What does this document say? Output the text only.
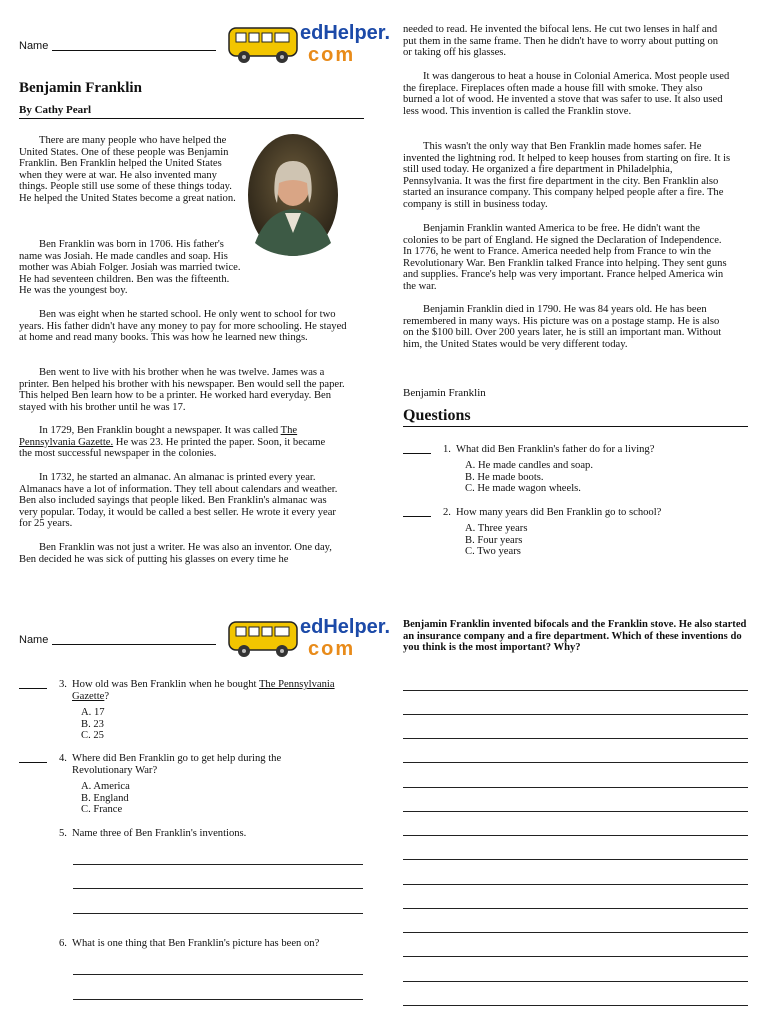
Name
edHelper.
com
Benjamin Franklin
By Cathy Pearl

There are many people who have helped the United States. One of these people was Benjamin Franklin. Ben Franklin helped the United States when they were at war. He also invented many things. People still use some of these things today. He helped the United States become a great nation.

Ben Franklin was born in 1706. His father's name was Josiah. He made candles and soap. His mother was Abiah Folger. Josiah was married twice. He had seventeen children. Ben was the fifteenth. He was the youngest boy.

Ben was eight when he started school. He only went to school for two years. His father didn't have any money to pay for more schooling. He stayed at home and read many books. This was how he learned new things.

Ben went to live with his brother when he was twelve. James was a printer. Ben helped his brother with his newspaper. Ben would sell the paper. This helped Ben learn how to be a printer. He worked hard everyday. Ben stayed with his brother until he was 17.

In 1729, Ben Franklin bought a newspaper. It was called The Pennsylvania Gazette. He was 23. He printed the paper. Soon, it became the most successful newspaper in the colonies.

In 1732, he started an almanac. An almanac is printed every year. Almanacs have a lot of information. They tell about calendars and weather. Ben also included sayings that people liked. Ben Franklin's almanac was very popular. Today, it would be called a best seller. He wrote it every year for 25 years.

Ben Franklin was not just a writer. He was also an inventor. One day, Ben decided he was sick of putting his glasses on every time he

needed to read. He invented the bifocal lens. He cut two lenses in half and put them in the same frame. Then he didn't have to worry about putting on or taking off his glasses.

It was dangerous to heat a house in Colonial America. Most people used the fireplace. Fireplaces often made a house fill with smoke. They also burned a lot of wood. He invented a stove that was safer to use. It also used less wood. This invention is called the Franklin stove.

This wasn't the only way that Ben Franklin made homes safer. He invented the lightning rod. It helped to keep houses from starting on fire. It is still used today. He organized a fire department in Philadelphia, Pennsylvania. It was the first fire department in the city. Ben Franklin also started an insurance company. This company helped people after a fire. The company is still in business today.

Benjamin Franklin wanted America to be free. He didn't want the colonies to be part of England. He signed the Declaration of Independence. In 1776, he went to France. America needed help from France to win the Revolutionary War. Ben Franklin talked France into helping. They sent guns and supplies. France's help was very important. France helped America win the war.

Benjamin Franklin died in 1790. He was 84 years old. He has been remembered in many ways. His picture was on a postage stamp. He is also on the $100 bill. Over 200 years later, he is still an important man. Without him, the United States would be very different today.

Benjamin Franklin
Questions
1. What did Ben Franklin's father do for a living?
A. He made candles and soap.
B. He made boots.
C. He made wagon wheels.
2. How many years did Ben Franklin go to school?
A. Three years
B. Four years
C. Two years
Name
edHelper.
com
3. How old was Ben Franklin when he bought The Pennsylvania Gazette?
A. 17
B. 23
C. 25
4. Where did Ben Franklin go to get help during the Revolutionary War?
A. America
B. England
C. France
5. Name three of Ben Franklin's inventions.
6. What is one thing that Ben Franklin's picture has been on?
Benjamin Franklin invented bifocals and the Franklin stove. He also started an insurance company and a fire department. Which of these inventions do you think is the most important? Why?
